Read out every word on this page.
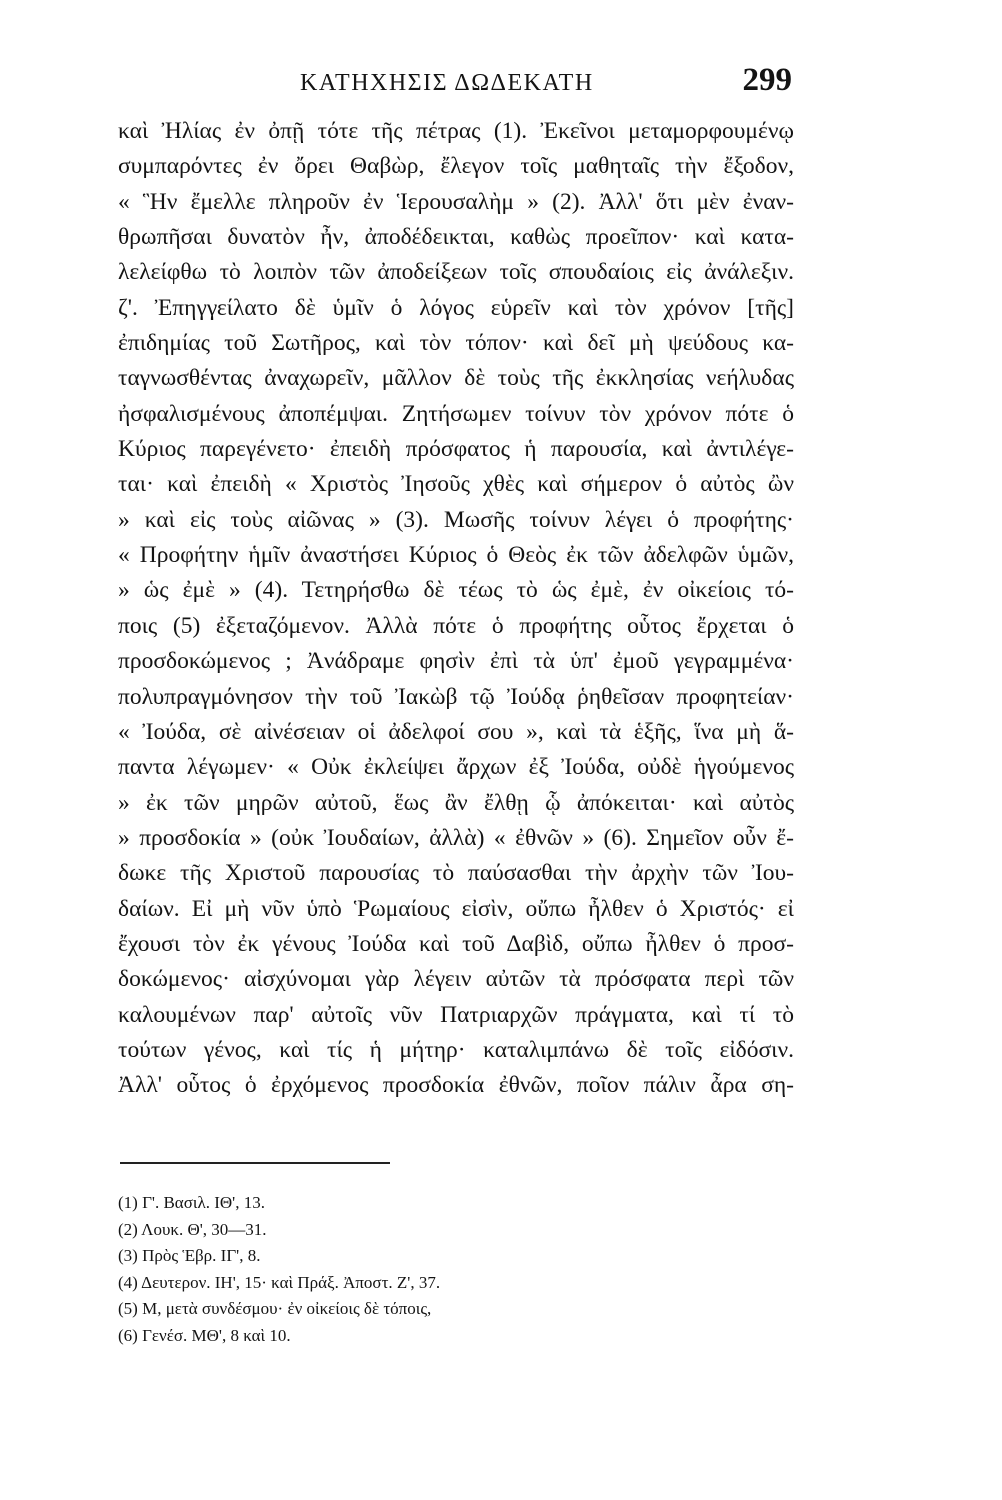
ΚΑΤΗΧΗΣΙΣ ΔΩΔΕΚΑΤΗ	299
καὶ Ἠλίας ἐν ὀπῇ τότε τῆς πέτρας (1). Ἐκεῖνοι μεταμορφουμένῳ
συμπαρόντες ἐν ὄρει Θαβὼρ, ἔλεγον τοῖς μαθηταῖς τὴν ἔξοδον,
« Ἣν ἔμελλε πληροῦν ἐν Ἱερουσαλὴμ » (2). Ἀλλ' ὅτι μὲν ἐναν-
θρωπῆσαι δυνατὸν ἦν, ἀποδέδεικται, καθὼς προεῖπον· καὶ κατα-
λελείφθω τὸ λοιπὸν τῶν ἀποδείξεων τοῖς σπουδαίοις εἰς ἀνάλεξιν.
ζ'. Ἐπηγγείλατο δὲ ὑμῖν ὁ λόγος εὑρεῖν καὶ τὸν χρόνον [τῆς]
ἐπιδημίας τοῦ Σωτῆρος, καὶ τὸν τόπον· καὶ δεῖ μὴ ψεύδους κα-
ταγνωσθέντας ἀναχωρεῖν, μᾶλλον δὲ τοὺς τῆς ἐκκλησίας νεήλυδας
ἠσφαλισμένους ἀποπέμψαι. Ζητήσωμεν τοίνυν τὸν χρόνον πότε ὁ
Κύριος παρεγένετο· ἐπειδὴ πρόσφατος ἡ παρουσία, καὶ ἀντιλέγε-
ται· καὶ ἐπειδὴ « Χριστὸς Ἰησοῦς χθὲς καὶ σήμερον ὁ αὐτὸς ὢν
» καὶ εἰς τοὺς αἰῶνας » (3). Μωσῆς τοίνυν λέγει ὁ προφήτης·
« Προφήτην ἡμῖν ἀναστήσει Κύριος ὁ Θεὸς ἐκ τῶν ἀδελφῶν ὑμῶν,
» ὡς ἐμὲ » (4). Τετηρήσθω δὲ τέως τὸ ὡς ἐμὲ, ἐν οἰκείοις τό-
ποις (5) ἐξεταζόμενον. Ἀλλὰ πότε ὁ προφήτης οὗτος ἔρχεται ὁ
προσδοκώμενος ; Ἀνάδραμε φησὶν ἐπὶ τὰ ὑπ' ἐμοῦ γεγραμμένα·
πολυπραγμόνησον τὴν τοῦ Ἰακὼβ τῷ Ἰούδᾳ ῥηθεῖσαν προφητείαν·
« Ἰούδα, σὲ αἰνέσειαν οἱ ἀδελφοί σου », καὶ τὰ ἑξῆς, ἵνα μὴ ἅ-
παντα λέγωμεν· « Οὐκ ἐκλείψει ἄρχων ἐξ Ἰούδα, οὐδὲ ἡγούμενος
» ἐκ τῶν μηρῶν αὐτοῦ, ἕως ἂν ἔλθῃ ᾧ ἀπόκειται· καὶ αὐτὸς
» προσδοκία » (οὐκ Ἰουδαίων, ἀλλὰ) « ἐθνῶν » (6). Σημεῖον οὖν ἔ-
δωκε τῆς Χριστοῦ παρουσίας τὸ παύσασθαι τὴν ἀρχὴν τῶν Ἰου-
δαίων. Εἰ μὴ νῦν ὑπὸ Ῥωμαίους εἰσὶν, οὔπω ἦλθεν ὁ Χριστός· εἰ
ἔχουσι τὸν ἐκ γένους Ἰούδα καὶ τοῦ Δαβὶδ, οὔπω ἦλθεν ὁ προσ-
δοκώμενος· αἰσχύνομαι γὰρ λέγειν αὐτῶν τὰ πρόσφατα περὶ τῶν
καλουμένων παρ' αὐτοῖς νῦν Πατριαρχῶν πράγματα, καὶ τί τὸ
τούτων γένος, καὶ τίς ἡ μήτηρ· καταλιμπάνω δὲ τοῖς εἰδόσιν.
Ἀλλ' οὗτος ὁ ἐρχόμενος προσδοκία ἐθνῶν, ποῖον πάλιν ἆρα ση-
(1) Γ'. Βασιλ. ΙΘ', 13.
(2) Λουκ. Θ', 30—31.
(3) Πρὸς Ἑβρ. ΙΓ', 8.
(4) Δευτερον. ΙΗ', 15· καὶ Πράξ. Ἀποστ. Ζ', 37.
(5) Μ, μετὰ συνδέσμου· ἐν οἰκείοις δὲ τόποις,
(6) Γενέσ. ΜΘ', 8 καὶ 10.
